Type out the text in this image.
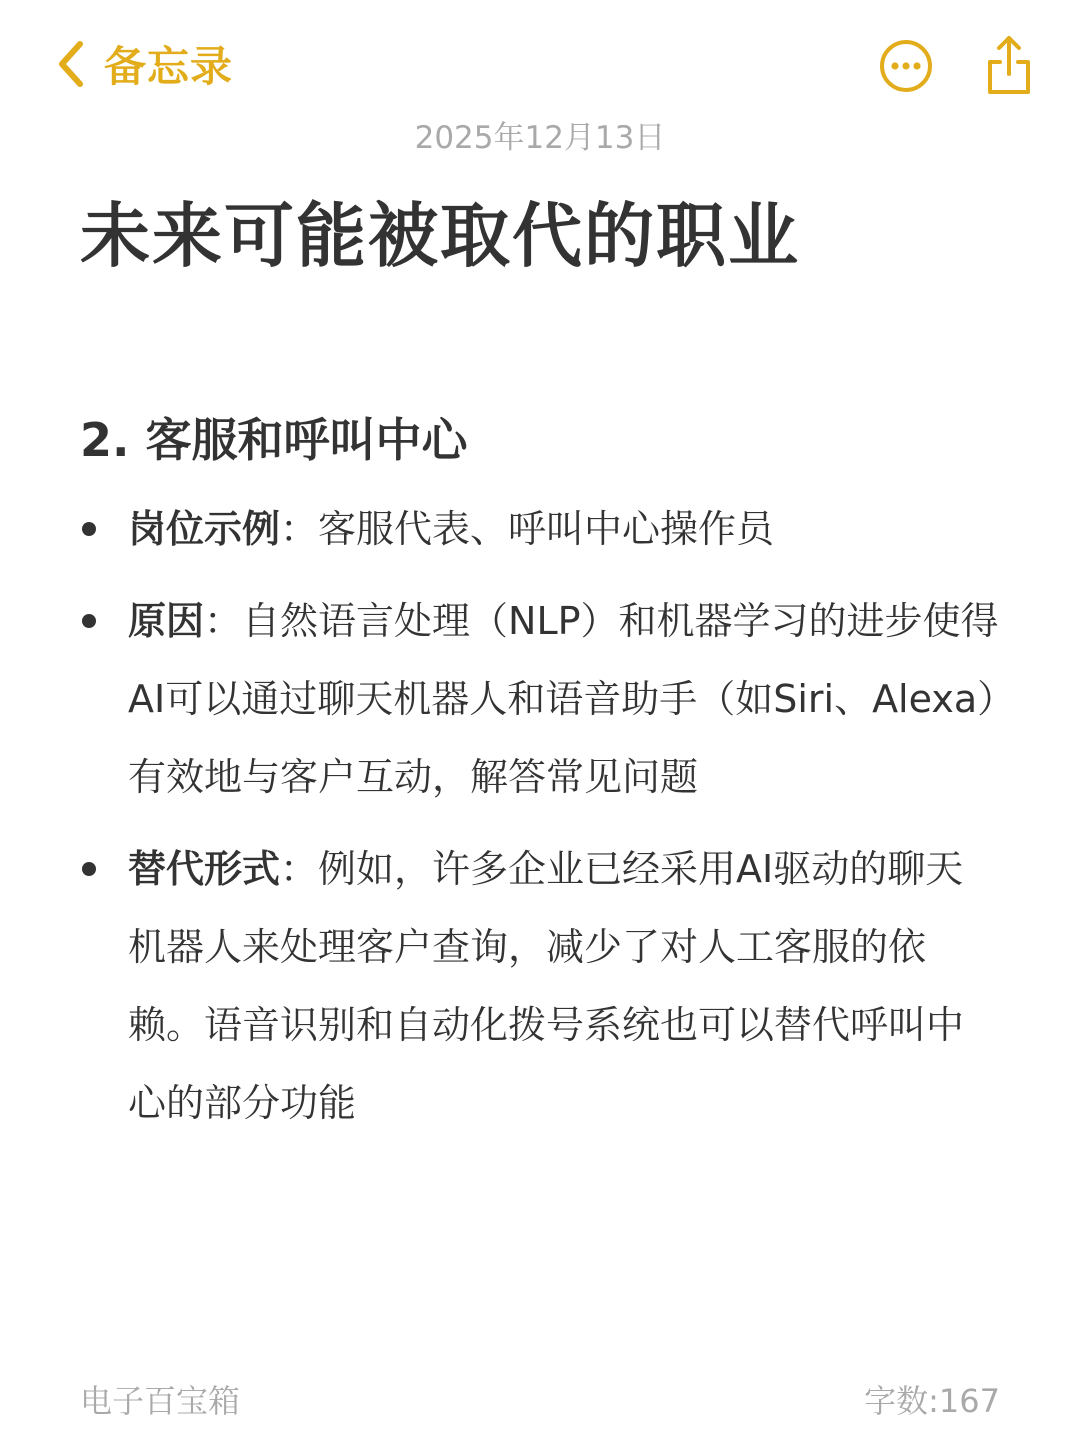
备忘录
2025年12月13日
未来可能被取代的职业
2. 客服和呼叫中心
岗位示例：客服代表、呼叫中心操作员
原因：自然语言处理（NLP）和机器学习的进步使得AI可以通过聊天机器人和语音助手（如Siri、Alexa）有效地与客户互动，解答常见问题
替代形式：例如，许多企业已经采用AI驱动的聊天机器人来处理客户查询，减少了对人工客服的依赖。语音识别和自动化拨号系统也可以替代呼叫中心的部分功能
电子百宝箱	字数:167
